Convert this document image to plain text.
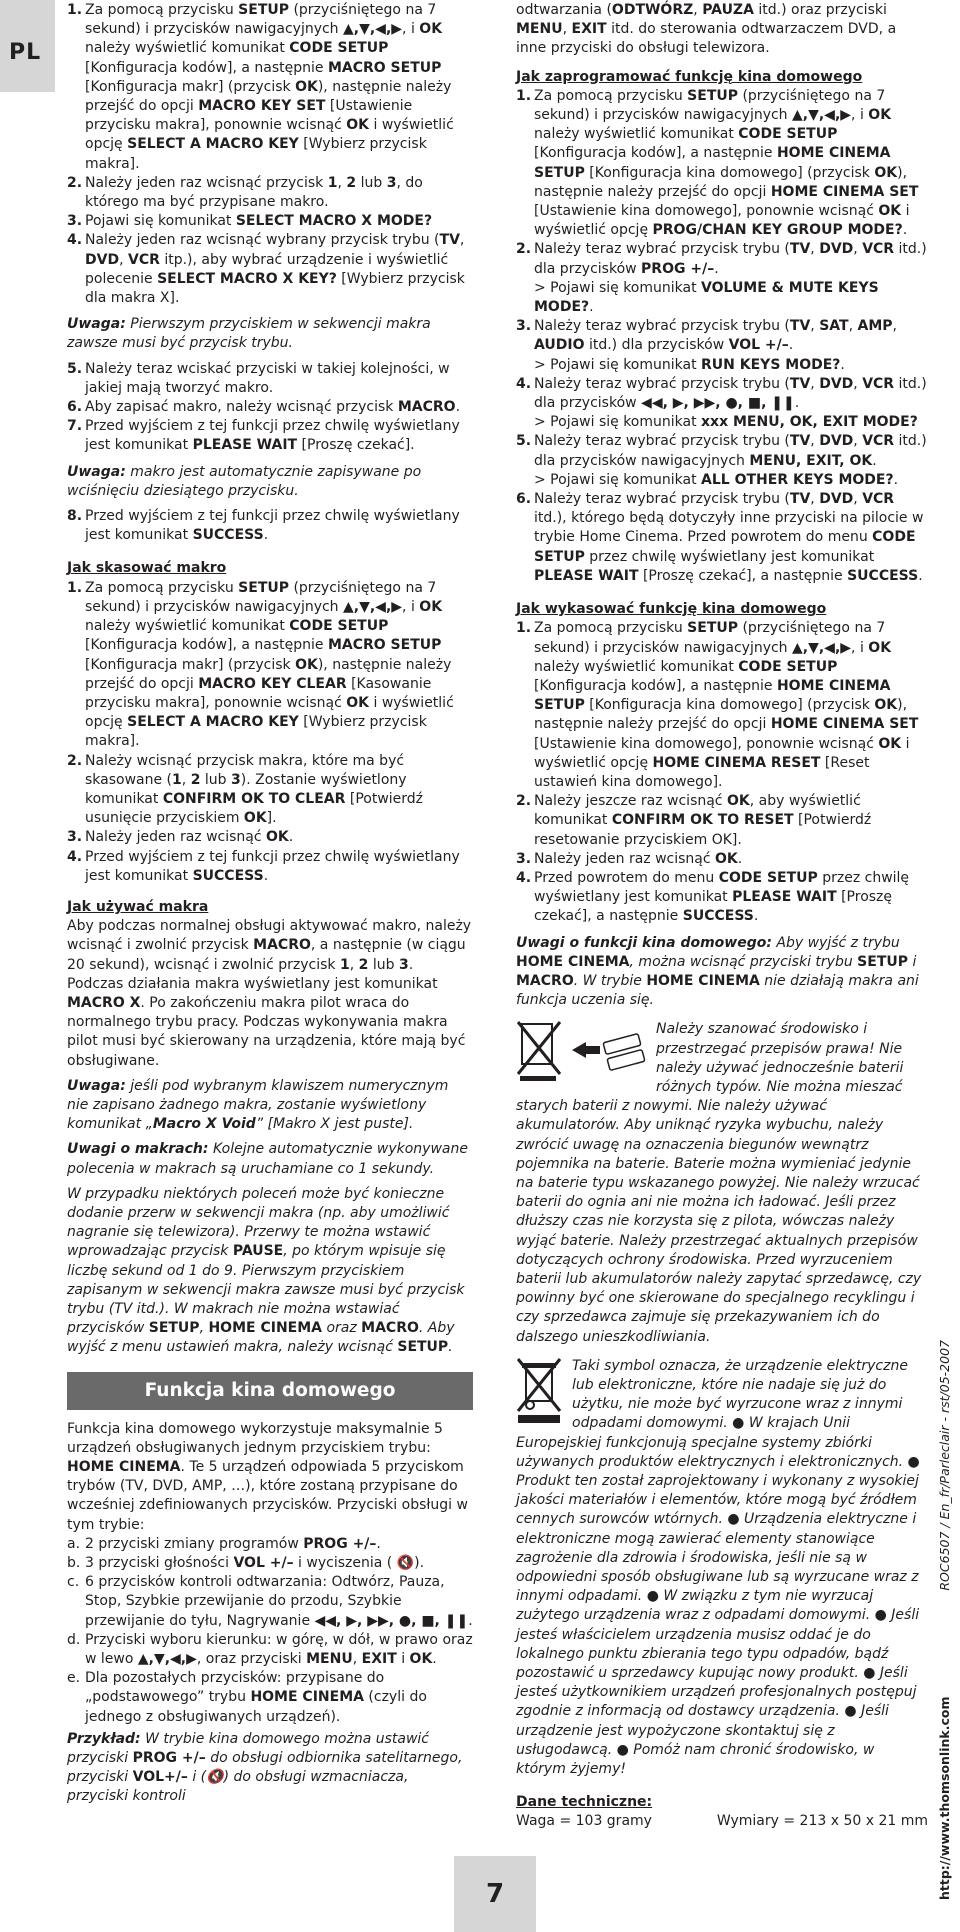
PL
1. Za pomocą przycisku SETUP (przyciśniętego na 7 sekund) i przycisków nawigacyjnych ▲,▼,◀,▶, i OK należy wyświetlić komunikat CODE SETUP [Konfiguracja kodów], a następnie MACRO SETUP [Konfiguracja makr] (przycisk OK), następnie należy przejść do opcji MACRO KEY SET [Ustawienie przycisku makra], ponownie wcisnąć OK i wyświetlić opcję SELECT A MACRO KEY [Wybierz przycisk makra].
2. Należy jeden raz wcisnąć przycisk 1, 2 lub 3, do którego ma być przypisane makro.
3. Pojawi się komunikat SELECT MACRO X MODE?
4. Należy jeden raz wcisnąć wybrany przycisk trybu (TV, DVD, VCR itp.), aby wybrać urządzenie i wyświetlić polecenie SELECT MACRO X KEY? [Wybierz przycisk dla makra X].

Uwaga: Pierwszym przyciskiem w sekwencji makra zawsze musi być przycisk trybu.

5. Należy teraz wciskać przyciski w takiej kolejności, w jakiej mają tworzyć makro.
6. Aby zapisać makro, należy wcisnąć przycisk MACRO.
7. Przed wyjściem z tej funkcji przez chwilę wyświetlany jest komunikat PLEASE WAIT [Proszę czekać].

Uwaga: makro jest automatycznie zapisywane po wciśnięciu dziesiątego przycisku.

8. Przed wyjściem z tej funkcji przez chwilę wyświetlany jest komunikat SUCCESS.

Jak skasować makro

1. Za pomocą przycisku SETUP (przyciśniętego na 7 sekund) i przycisków nawigacyjnych ▲,▼,◀,▶, i OK należy wyświetlić komunikat CODE SETUP [Konfiguracja kodów], a następnie MACRO SETUP [Konfiguracja makr] (przycisk OK), następnie należy przejść do opcji MACRO KEY CLEAR [Kasowanie przycisku makra], ponownie wcisnąć OK i wyświetlić opcję SELECT A MACRO KEY [Wybierz przycisk makra].
2. Należy wcisnąć przycisk makra, które ma być skasowane (1, 2 lub 3). Zostanie wyświetlony komunikat CONFIRM OK TO CLEAR [Potwierdź usunięcie przyciskiem OK].
3. Należy jeden raz wcisnąć OK.
4. Przed wyjściem z tej funkcji przez chwilę wyświetlany jest komunikat SUCCESS.

Jak używać makra

Aby podczas normalnej obsługi aktywować makro, należy wcisnąć i zwolnić przycisk MACRO, a następnie (w ciągu 20 sekund), wcisnąć i zwolnić przycisk 1, 2 lub 3. Podczas działania makra wyświetlany jest komunikat MACRO X. Po zakończeniu makra pilot wraca do normalnego trybu pracy. Podczas wykonywania makra pilot musi być skierowany na urządzenia, które mają być obsługiwane.

Uwaga: jeśli pod wybranym klawiszem numerycznym nie zapisano żadnego makra, zostanie wyświetlony komunikat „Macro X Void” [Makro X jest puste].

Uwagi o makrach: Kolejne automatycznie wykonywane polecenia w makrach są uruchamiane co 1 sekundy.

W przypadku niektórych poleceń może być konieczne dodanie przerw w sekwencji makra (np. aby umożliwić nagranie się telewizora). Przerwy te można wstawić wprowadzając przycisk PAUSE, po którym wpisuje się liczbę sekund od 1 do 9. Pierwszym przyciskiem zapisanym w sekwencji makra zawsze musi być przycisk trybu (TV itd.). W makrach nie można wstawiać przycisków SETUP, HOME CINEMA oraz MACRO. Aby wyjść z menu ustawień makra, należy wcisnąć SETUP.

Funkcja kina domowego

Funkcja kina domowego wykorzystuje maksymalnie 5 urządzeń obsługiwanych jednym przyciskiem trybu: HOME CINEMA. Te 5 urządzeń odpowiada 5 przyciskom trybów (TV, DVD, AMP, …), które zostaną przypisane do wcześniej zdefiniowanych przycisków. Przyciski obsługi w tym trybie:

a. 2 przyciski zmiany programów PROG +/–.
b. 3 przyciski głośności VOL +/– i wyciszenia ( 🔇).
c. 6 przycisków kontroli odtwarzania: Odtwórz, Pauza, Stop, Szybkie przewijanie do przodu, Szybkie przewijanie do tyłu, Nagrywanie ◀◀, ▶, ▶▶, ●, ■, ❚❚.
d. Przyciski wyboru kierunku: w górę, w dół, w prawo oraz w lewo ▲,▼,◀,▶, oraz przyciski MENU, EXIT i OK.
e. Dla pozostałych przycisków: przypisane do „podstawowego” trybu HOME CINEMA (czyli do jednego z obsługiwanych urządzeń).

Przykład: W trybie kina domowego można ustawić przyciski PROG +/– do obsługi odbiornika satelitarnego, przyciski VOL+/– i (🔇) do obsługi wzmacniacza, przyciski kontroli

odtwarzania (ODTWÓRZ, PAUZA itd.) oraz przyciski MENU, EXIT itd. do sterowania odtwarzaczem DVD, a inne przyciski do obsługi telewizora.

Jak zaprogramować funkcję kina domowego

1. Za pomocą przycisku SETUP (przyciśniętego na 7 sekund) i przycisków nawigacyjnych ▲,▼,◀,▶, i OK należy wyświetlić komunikat CODE SETUP [Konfiguracja kodów], a następnie HOME CINEMA SETUP [Konfiguracja kina domowego] (przycisk OK), następnie należy przejść do opcji HOME CINEMA SET [Ustawienie kina domowego], ponownie wcisnąć OK i wyświetlić opcję PROG/CHAN KEY GROUP MODE?.
2. Należy teraz wybrać przycisk trybu (TV, DVD, VCR itd.) dla przycisków PROG +/–.
> Pojawi się komunikat VOLUME & MUTE KEYS MODE?.
3. Należy teraz wybrać przycisk trybu (TV, SAT, AMP, AUDIO itd.) dla przycisków VOL +/–.
> Pojawi się komunikat RUN KEYS MODE?.
4. Należy teraz wybrać przycisk trybu (TV, DVD, VCR itd.) dla przycisków ◀◀, ▶, ▶▶, ●, ■, ❚❚.
> Pojawi się komunikat xxx MENU, OK, EXIT MODE?
5. Należy teraz wybrać przycisk trybu (TV, DVD, VCR itd.) dla przycisków nawigacyjnych MENU, EXIT, OK.
> Pojawi się komunikat ALL OTHER KEYS MODE?.
6. Należy teraz wybrać przycisk trybu (TV, DVD, VCR itd.), którego będą dotyczyły inne przyciski na pilocie w trybie Home Cinema. Przed powrotem do menu CODE SETUP przez chwilę wyświetlany jest komunikat PLEASE WAIT [Proszę czekać], a następnie SUCCESS.

Jak wykasować funkcję kina domowego

1. Za pomocą przycisku SETUP (przyciśniętego na 7 sekund) i przycisków nawigacyjnych ▲,▼,◀,▶, i OK należy wyświetlić komunikat CODE SETUP [Konfiguracja kodów], a następnie HOME CINEMA SETUP [Konfiguracja kina domowego] (przycisk OK), następnie należy przejść do opcji HOME CINEMA SET [Ustawienie kina domowego], ponownie wcisnąć OK i wyświetlić opcję HOME CINEMA RESET [Reset ustawień kina domowego].
2. Należy jeszcze raz wcisnąć OK, aby wyświetlić komunikat CONFIRM OK TO RESET [Potwierdź resetowanie przyciskiem OK].
3. Należy jeden raz wcisnąć OK.
4. Przed powrotem do menu CODE SETUP przez chwilę wyświetlany jest komunikat PLEASE WAIT [Proszę czekać], a następnie SUCCESS.

Uwagi o funkcji kina domowego: Aby wyjść z trybu HOME CINEMA, można wcisnąć przyciski trybu SETUP i MACRO. W trybie HOME CINEMA nie działają makra ani funkcja uczenia się.

Należy szanować środowisko i przestrzegać przepisów prawa! Nie należy używać jednocześnie baterii różnych typów. Nie można mieszać starych baterii z nowymi. Nie należy używać akumulatorów. Aby uniknąć ryzyka wybuchu, należy zwrócić uwagę na oznaczenia biegunów wewnątrz pojemnika na baterie. Baterie można wymieniać jedynie na baterie typu wskazanego powyżej. Nie należy wrzucać baterii do ognia ani nie można ich ładować. Jeśli przez dłuższy czas nie korzysta się z pilota, wówczas należy wyjąć baterie. Należy przestrzegać aktualnych przepisów dotyczących ochrony środowiska. Przed wyrzuceniem baterii lub akumulatorów należy zapytać sprzedawcę, czy powinny być one skierowane do specjalnego recyklingu i czy sprzedawca zajmuje się przekazywaniem ich do dalszego unieszkodliwiania.

Taki symbol oznacza, że urządzenie elektryczne lub elektroniczne, które nie nadaje się już do użytku, nie może być wyrzucone wraz z innymi odpadami domowymi. ● W krajach Unii Europejskiej funkcjonują specjalne systemy zbiórki używanych produktów elektrycznych i elektronicznych. ● Produkt ten został zaprojektowany i wykonany z wysokiej jakości materiałów i elementów, które mogą być źródłem cennych surowców wtórnych. ● Urządzenia elektryczne i elektroniczne mogą zawierać elementy stanowiące zagrożenie dla zdrowia i środowiska, jeśli nie są w odpowiedni sposób obsługiwane lub są wyrzucane wraz z innymi odpadami. ● W związku z tym nie wyrzucaj zużytego urządzenia wraz z odpadami domowymi. ● Jeśli jesteś właścicielem urządzenia musisz oddać je do lokalnego punktu zbierania tego typu odpadów, bądź pozostawić u sprzedawcy kupując nowy produkt. ● Jeśli jesteś użytkownikiem urządzeń profesjonalnych postępuj zgodnie z informacją od dostawcy urządzenia. ● Jeśli urządzenie jest wypożyczone skontaktuj się z usługodawcą. ● Pomóż nam chronić środowisko, w którym żyjemy!

Dane techniczne:

Waga = 103 gramy	Wymiary = 213 x 50 x 21 mm http://www.thomsonlink.com
ROC6507 / En_fr/Parleclair - rst/05-2007
7
